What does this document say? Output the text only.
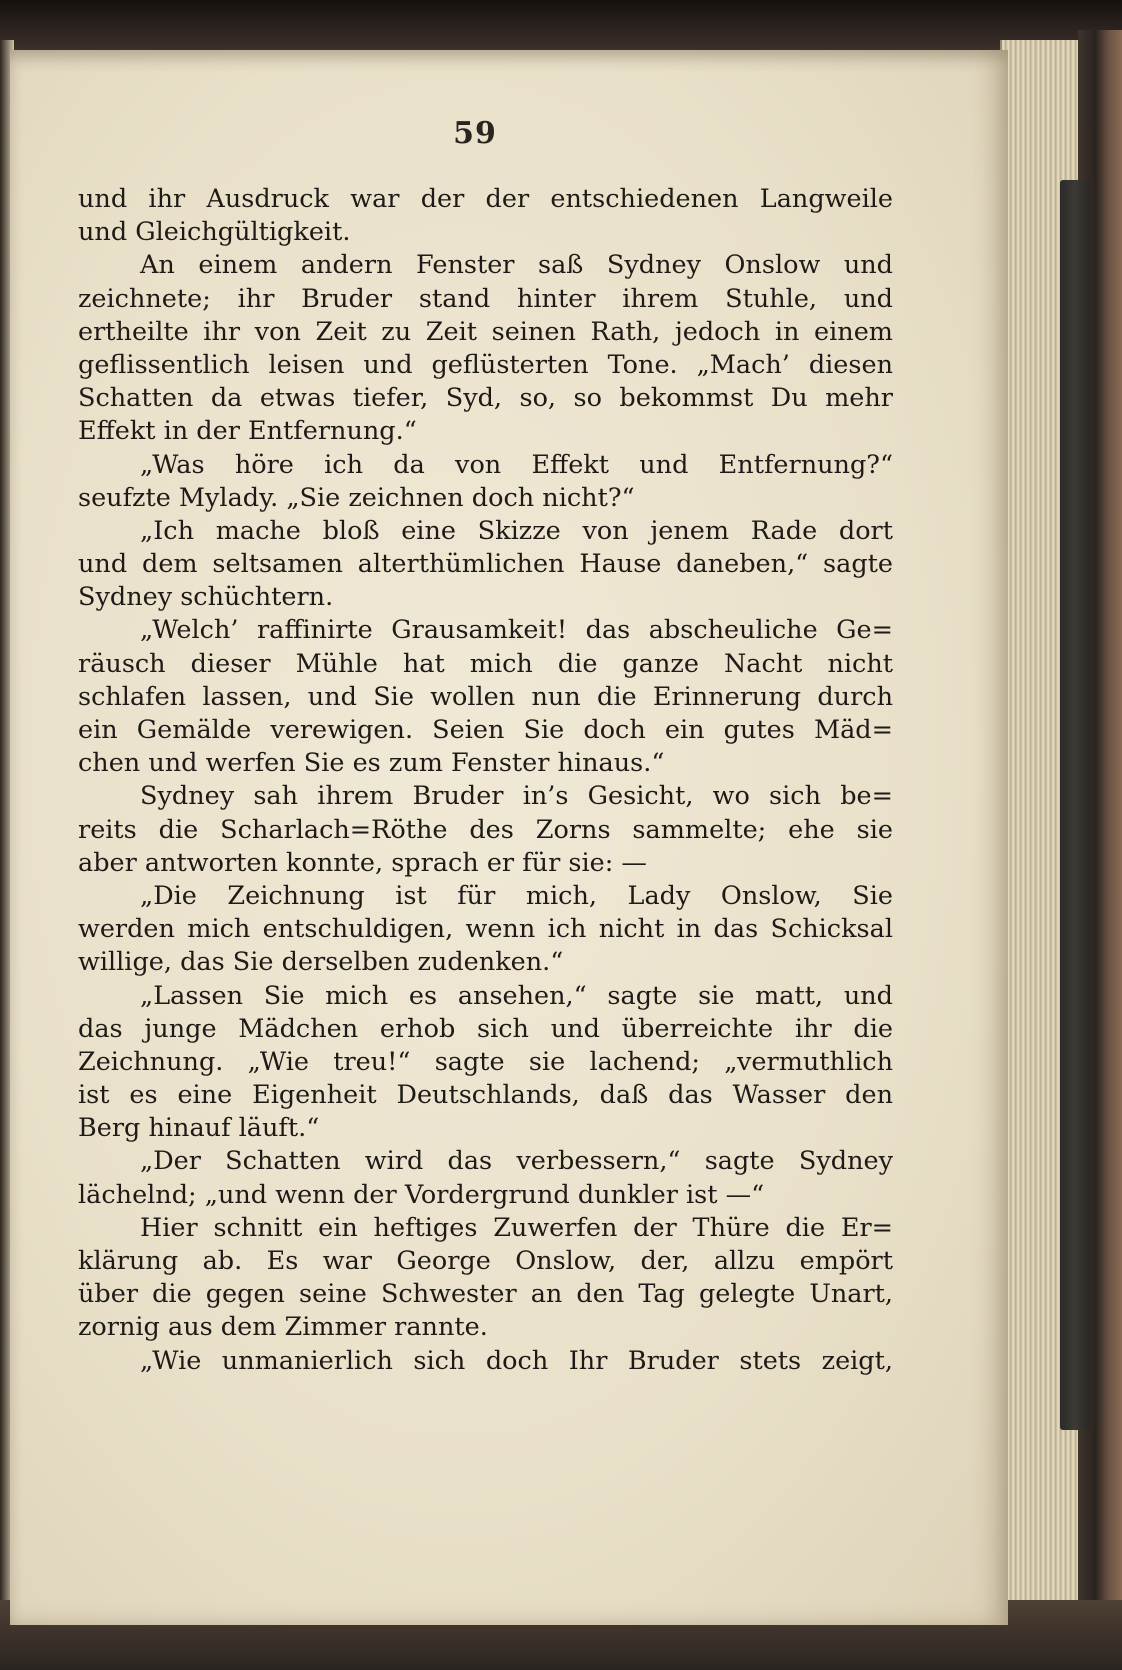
59
und ihr Ausdruck war der der entschiedenen Langweile
und Gleichgültigkeit.
An einem andern Fenster saß Sydney Onslow und
zeichnete; ihr Bruder stand hinter ihrem Stuhle, und
ertheilte ihr von Zeit zu Zeit seinen Rath, jedoch in einem
geflissentlich leisen und geflüsterten Tone. „Mach’ diesen
Schatten da etwas tiefer, Syd, so, so bekommst Du mehr
Effekt in der Entfernung.“
„Was höre ich da von Effekt und Entfernung?“
seufzte Mylady. „Sie zeichnen doch nicht?“
„Ich mache bloß eine Skizze von jenem Rade dort
und dem seltsamen alterthümlichen Hause daneben,“ sagte
Sydney schüchtern.
„Welch’ raffinirte Grausamkeit! das abscheuliche Ge=
räusch dieser Mühle hat mich die ganze Nacht nicht
schlafen lassen, und Sie wollen nun die Erinnerung durch
ein Gemälde verewigen. Seien Sie doch ein gutes Mäd=
chen und werfen Sie es zum Fenster hinaus.“
Sydney sah ihrem Bruder in’s Gesicht, wo sich be=
reits die Scharlach=Röthe des Zorns sammelte; ehe sie
aber antworten konnte, sprach er für sie: —
„Die Zeichnung ist für mich, Lady Onslow, Sie
werden mich entschuldigen, wenn ich nicht in das Schicksal
willige, das Sie derselben zudenken.“
„Lassen Sie mich es ansehen,“ sagte sie matt, und
das junge Mädchen erhob sich und überreichte ihr die
Zeichnung. „Wie treu!“ sagte sie lachend; „vermuthlich
ist es eine Eigenheit Deutschlands, daß das Wasser den
Berg hinauf läuft.“
„Der Schatten wird das verbessern,“ sagte Sydney
lächelnd; „und wenn der Vordergrund dunkler ist —“
Hier schnitt ein heftiges Zuwerfen der Thüre die Er=
klärung ab. Es war George Onslow, der, allzu empört
über die gegen seine Schwester an den Tag gelegte Unart,
zornig aus dem Zimmer rannte.
„Wie unmanierlich sich doch Ihr Bruder stets zeigt,
